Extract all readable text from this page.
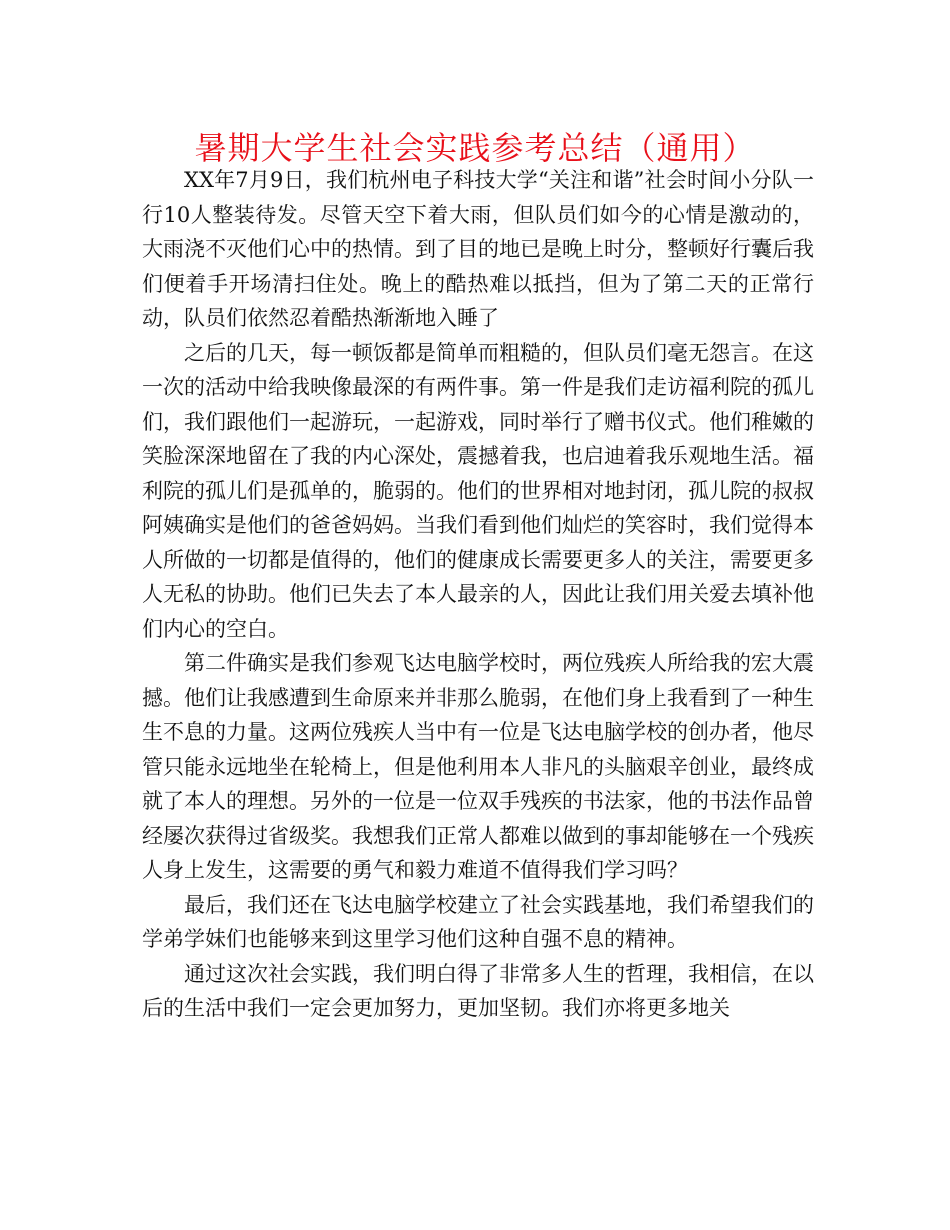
暑期大学生社会实践参考总结（通用）

XX年7月9日，我们杭州电子科技大学“关注和谐”社会时间小分队一行10人整装待发。尽管天空下着大雨，但队员们如今的心情是激动的，大雨浇不灭他们心中的热情。到了目的地已是晚上时分，整顿好行囊后我们便着手开场清扫住处。晚上的酷热难以抵挡，但为了第二天的正常行动，队员们依然忍着酷热渐渐地入睡了

之后的几天，每一顿饭都是简单而粗糙的，但队员们毫无怨言。在这一次的活动中给我映像最深的有两件事。第一件是我们走访福利院的孤儿们，我们跟他们一起游玩，一起游戏，同时举行了赠书仪式。他们稚嫩的笑脸深深地留在了我的内心深处，震撼着我，也启迪着我乐观地生活。福利院的孤儿们是孤单的，脆弱的。他们的世界相对地封闭，孤儿院的叔叔阿姨确实是他们的爸爸妈妈。当我们看到他们灿烂的笑容时，我们觉得本人所做的一切都是值得的，他们的健康成长需要更多人的关注，需要更多人无私的协助。他们已失去了本人最亲的人，因此让我们用关爱去填补他们内心的空白。

第二件确实是我们参观飞达电脑学校时，两位残疾人所给我的宏大震撼。他们让我感遭到生命原来并非那么脆弱，在他们身上我看到了一种生生不息的力量。这两位残疾人当中有一位是飞达电脑学校的创办者，他尽管只能永远地坐在轮椅上，但是他利用本人非凡的头脑艰辛创业，最终成就了本人的理想。另外的一位是一位双手残疾的书法家，他的书法作品曾经屡次获得过省级奖。我想我们正常人都难以做到的事却能够在一个残疾人身上发生，这需要的勇气和毅力难道不值得我们学习吗？

最后，我们还在飞达电脑学校建立了社会实践基地，我们希望我们的学弟学妹们也能够来到这里学习他们这种自强不息的精神。

通过这次社会实践，我们明白得了非常多人生的哲理，我相信，在以后的生活中我们一定会更加努力，更加坚韧。我们亦将更多地关
